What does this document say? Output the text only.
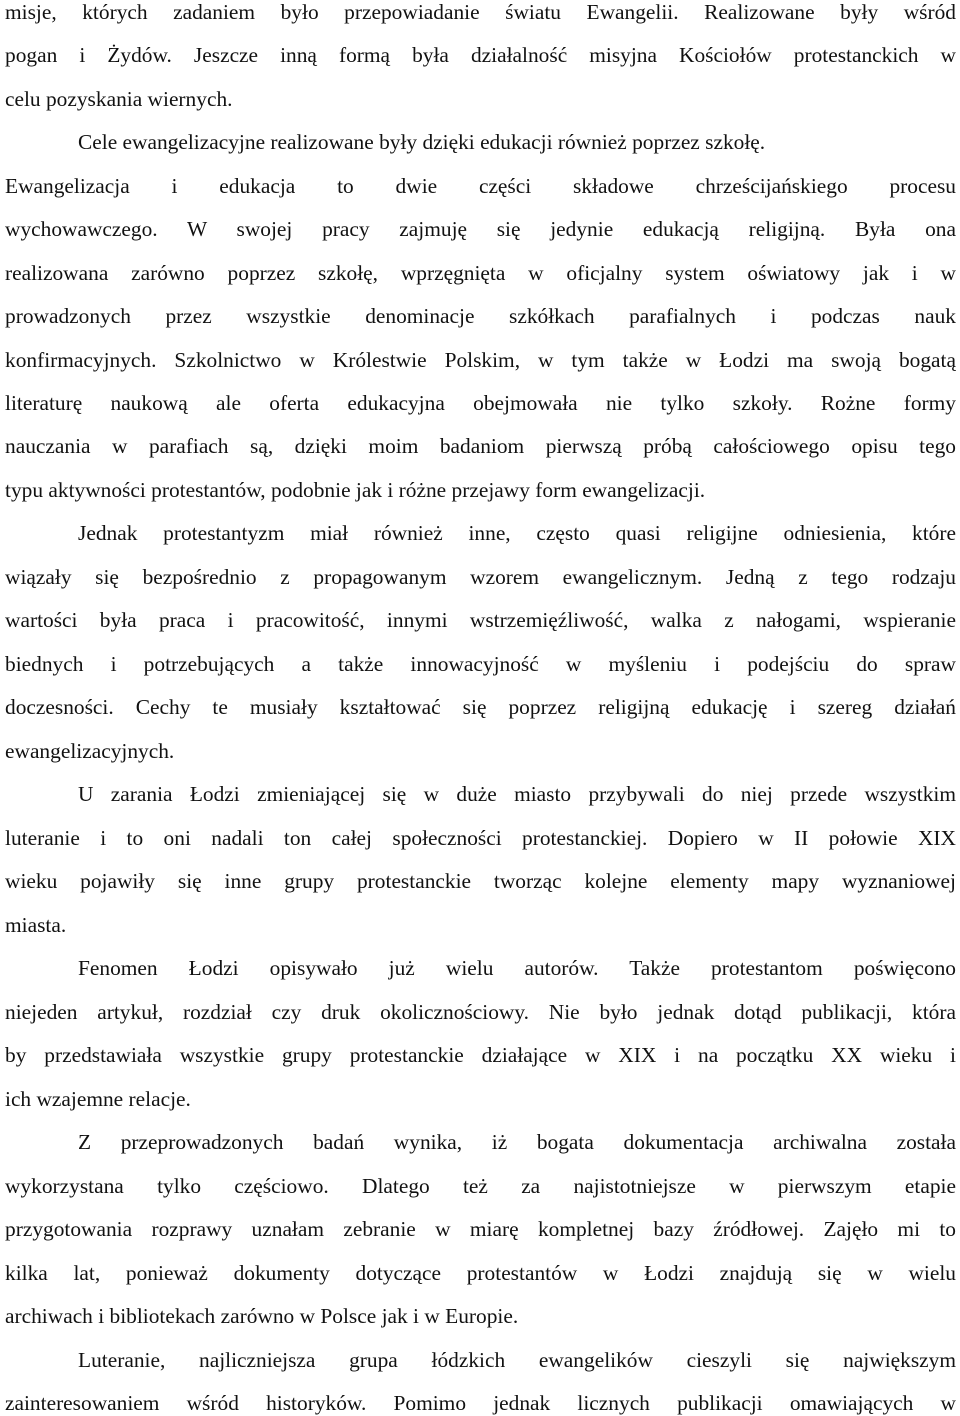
misje, których zadaniem było przepowiadanie światu Ewangelii. Realizowane były wśród
pogan i Żydów. Jeszcze inną formą była działalność misyjna Kościołów protestanckich w
celu pozyskania wiernych.
Cele ewangelizacyjne realizowane były dzięki edukacji również poprzez szkołę.
Ewangelizacja i edukacja to dwie części składowe chrześcijańskiego procesu
wychowawczego. W swojej pracy zajmuję się jedynie edukacją religijną. Była ona
realizowana zarówno poprzez szkołę, wprzęgnięta w oficjalny system oświatowy jak i w
prowadzonych przez wszystkie denominacje szkółkach parafialnych i podczas nauk
konfirmacyjnych. Szkolnictwo w Królestwie Polskim, w tym także w Łodzi ma swoją bogatą
literaturę naukową ale oferta edukacyjna obejmowała nie tylko szkoły. Rożne formy
nauczania w parafiach są, dzięki moim badaniom pierwszą próbą całościowego opisu tego
typu aktywności protestantów, podobnie jak i różne przejawy form ewangelizacji.
Jednak protestantyzm miał również inne, często quasi religijne odniesienia, które
wiązały się bezpośrednio z propagowanym wzorem ewangelicznym. Jedną z tego rodzaju
wartości była praca i pracowitość, innymi wstrzemięźliwość, walka z nałogami, wspieranie
biednych i potrzebujących a także innowacyjność w myśleniu i podejściu do spraw
doczesności. Cechy te musiały kształtować się poprzez religijną edukację i szereg działań
ewangelizacyjnych.
U zarania Łodzi zmieniającej się w duże miasto przybywali do niej przede wszystkim
luteranie i to oni nadali ton całej społeczności protestanckiej. Dopiero w II połowie XIX
wieku pojawiły się inne grupy protestanckie tworząc kolejne elementy mapy wyznaniowej
miasta.
Fenomen Łodzi opisywało już wielu autorów. Także protestantom poświęcono
niejeden artykuł, rozdział czy druk okolicznościowy. Nie było jednak dotąd publikacji, która
by przedstawiała wszystkie grupy protestanckie działające w XIX i na początku XX wieku i
ich wzajemne relacje.
Z przeprowadzonych badań wynika, iż bogata dokumentacja archiwalna została
wykorzystana tylko częściowo. Dlatego też za najistotniejsze w pierwszym etapie
przygotowania rozprawy uznałam zebranie w miarę kompletnej bazy źródłowej. Zajęło mi to
kilka lat, ponieważ dokumenty dotyczące protestantów w Łodzi znajdują się w wielu
archiwach i bibliotekach zarówno w Polsce jak i w Europie.
Luteranie, najliczniejsza grupa łódzkich ewangelików cieszyli się największym
zainteresowaniem wśród historyków. Pomimo jednak licznych publikacji omawiających w
